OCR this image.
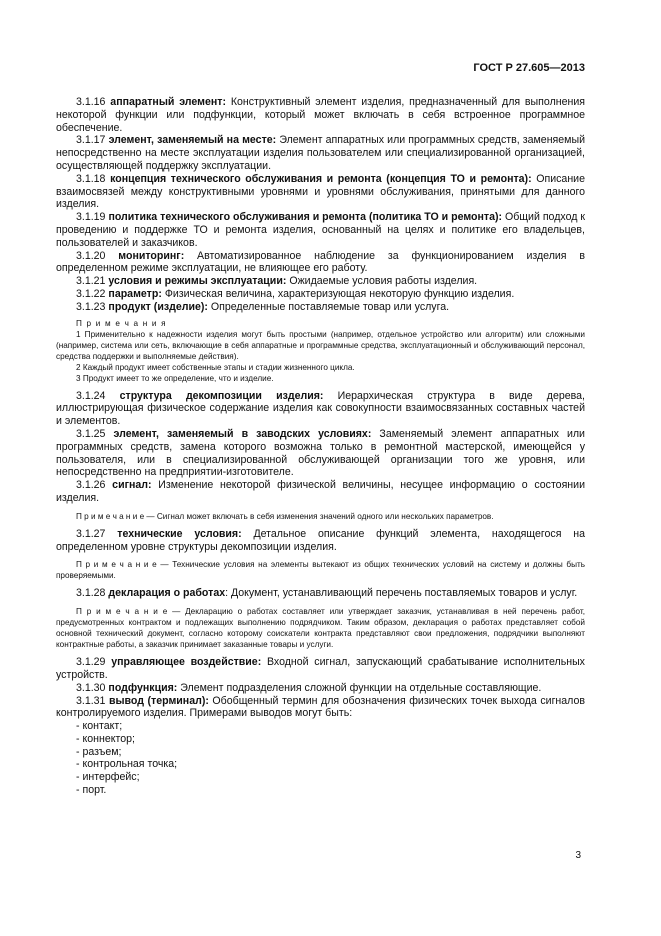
ГОСТ Р 27.605—2013

3.1.16 аппаратный элемент: Конструктивный элемент изделия, предназначенный для выполнения некоторой функции или подфункции, который может включать в себя встроенное программное обеспечение.

3.1.17 элемент, заменяемый на месте: Элемент аппаратных или программных средств, заменяемый непосредственно на месте эксплуатации изделия пользователем или специализированной организацией, осуществляющей поддержку эксплуатации.

3.1.18 концепция технического обслуживания и ремонта (концепция ТО и ремонта): Описание взаимосвязей между конструктивными уровнями и уровнями обслуживания, принятыми для данного изделия.

3.1.19 политика технического обслуживания и ремонта (политика ТО и ремонта): Общий подход к проведению и поддержке ТО и ремонта изделия, основанный на целях и политике его владельцев, пользователей и заказчиков.

3.1.20 мониторинг: Автоматизированное наблюдение за функционированием изделия в определенном режиме эксплуатации, не влияющее его работу.

3.1.21 условия и режимы эксплуатации: Ожидаемые условия работы изделия.

3.1.22 параметр: Физическая величина, характеризующая некоторую функцию изделия.

3.1.23 продукт (изделие): Определенные поставляемые товар или услуга.

П р и м е ч а н и я

1 Применительно к надежности изделия могут быть простыми (например, отдельное устройство или алгоритм) или сложными (например, система или сеть, включающие в себя аппаратные и программные средства, эксплуатационный и обслуживающий персонал, средства поддержки и выполняемые действия).

2 Каждый продукт имеет собственные этапы и стадии жизненного цикла.

3 Продукт имеет то же определение, что и изделие.

3.1.24 структура декомпозиции изделия: Иерархическая структура в виде дерева, иллюстрирующая физическое содержание изделия как совокупности взаимосвязанных составных частей и элементов.

3.1.25 элемент, заменяемый в заводских условиях: Заменяемый элемент аппаратных или программных средств, замена которого возможна только в ремонтной мастерской, имеющейся у пользователя, или в специализированной обслуживающей организации того же уровня, или непосредственно на предприятии-изготовителе.

3.1.26 сигнал: Изменение некоторой физической величины, несущее информацию о состоянии изделия.

П р и м е ч а н и е — Сигнал может включать в себя изменения значений одного или нескольких параметров.

3.1.27 технические условия: Детальное описание функций элемента, находящегося на определенном уровне структуры декомпозиции изделия.

П р и м е ч а н и е — Технические условия на элементы вытекают из общих технических условий на систему и должны быть проверяемыми.

3.1.28 декларация о работах: Документ, устанавливающий перечень поставляемых товаров и услуг.

П р и м е ч а н и е — Декларацию о работах составляет или утверждает заказчик, устанавливая в ней перечень работ, предусмотренных контрактом и подлежащих выполнению подрядчиком. Таким образом, декларация о работах представляет собой основной технический документ, согласно которому соискатели контракта представляют свои предложения, подрядчики выполняют контрактные работы, а заказчик принимает заказанные товары и услуги.

3.1.29 управляющее воздействие: Входной сигнал, запускающий срабатывание исполнительных устройств.

3.1.30 подфункция: Элемент подразделения сложной функции на отдельные составляющие.

3.1.31 вывод (терминал): Обобщенный термин для обозначения физических точек выхода сигналов контролируемого изделия. Примерами выводов могут быть:

- контакт;

- коннектор;

- разъем;

- контрольная точка;

- интерфейс;

- порт.

3
